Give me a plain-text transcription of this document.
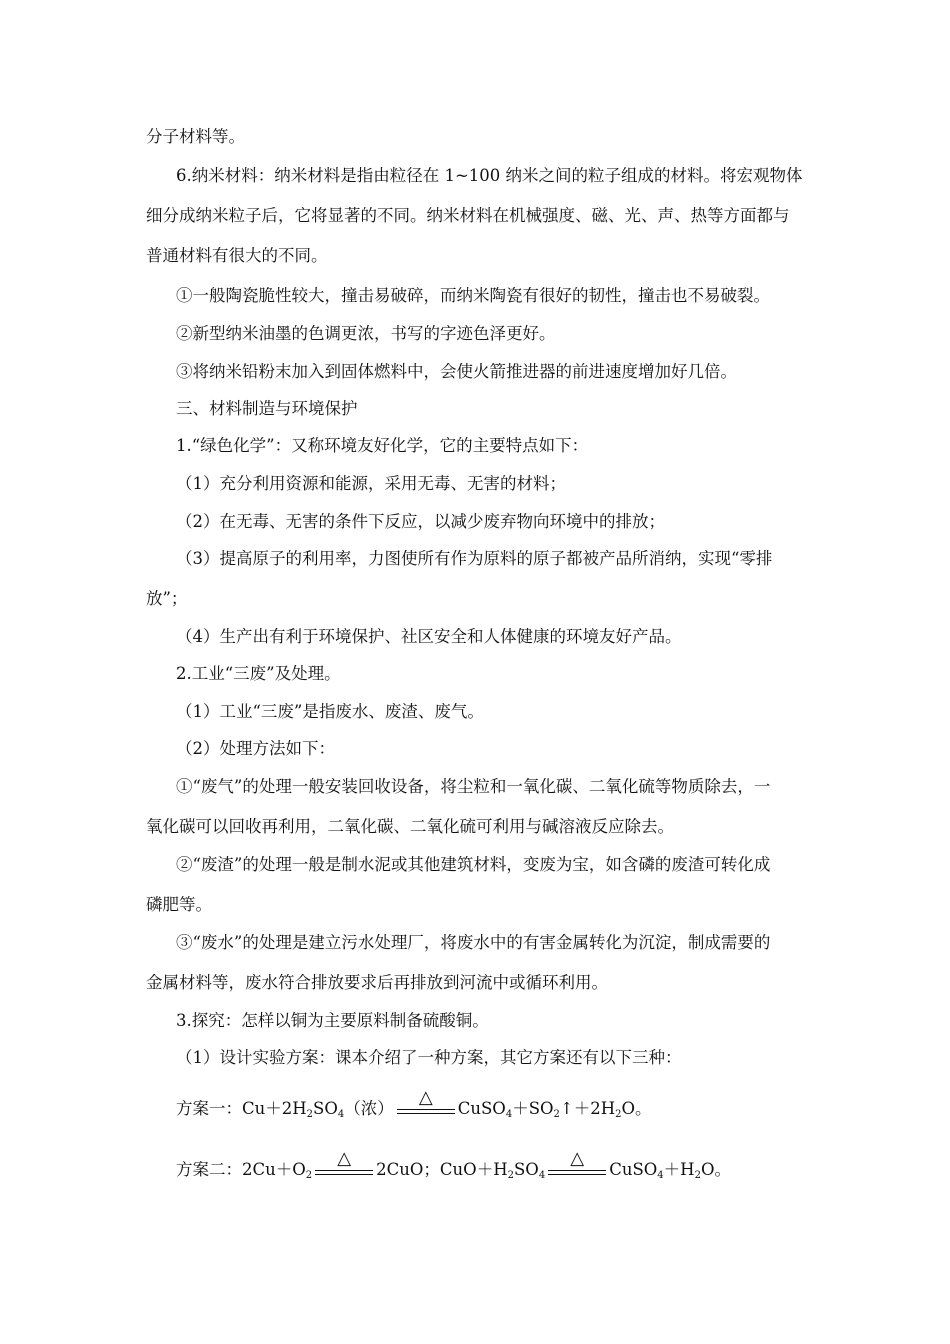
分子材料等。
6.纳米材料：纳米材料是指由粒径在 1~100 纳米之间的粒子组成的材料。将宏观物体
细分成纳米粒子后，它将显著的不同。纳米材料在机械强度、磁、光、声、热等方面都与
普通材料有很大的不同。
①一般陶瓷脆性较大，撞击易破碎，而纳米陶瓷有很好的韧性，撞击也不易破裂。
②新型纳米油墨的色调更浓，书写的字迹色泽更好。
③将纳米铅粉末加入到固体燃料中，会使火箭推进器的前进速度增加好几倍。
三、材料制造与环境保护
1.“绿色化学”：又称环境友好化学，它的主要特点如下：
（1）充分利用资源和能源，采用无毒、无害的材料；
（2）在无毒、无害的条件下反应，以减少废弃物向环境中的排放；
（3）提高原子的利用率，力图使所有作为原料的原子都被产品所消纳，实现“零排
放”；
（4）生产出有利于环境保护、社区安全和人体健康的环境友好产品。
2.工业“三废”及处理。
（1）工业“三废”是指废水、废渣、废气。
（2）处理方法如下：
①“废气”的处理一般安装回收设备，将尘粒和一氧化碳、二氧化硫等物质除去，一
氧化碳可以回收再利用，二氧化碳、二氧化硫可利用与碱溶液反应除去。
②“废渣”的处理一般是制水泥或其他建筑材料，变废为宝，如含磷的废渣可转化成
磷肥等。
③“废水”的处理是建立污水处理厂，将废水中的有害金属转化为沉淀，制成需要的
金属材料等，废水符合排放要求后再排放到河流中或循环利用。
3.探究：怎样以铜为主要原料制备硫酸铜。
（1）设计实验方案：课本介绍了一种方案，其它方案还有以下三种：
方案一：$Cu+2H_2SO_4$（浓）
△
$CuSO_4+SO_2↑+2H_2O$。
方案二：$2Cu+O_2$
△
2CuO；$CuO+H_2SO_4$
△
$CuSO_4+H_2O$。
